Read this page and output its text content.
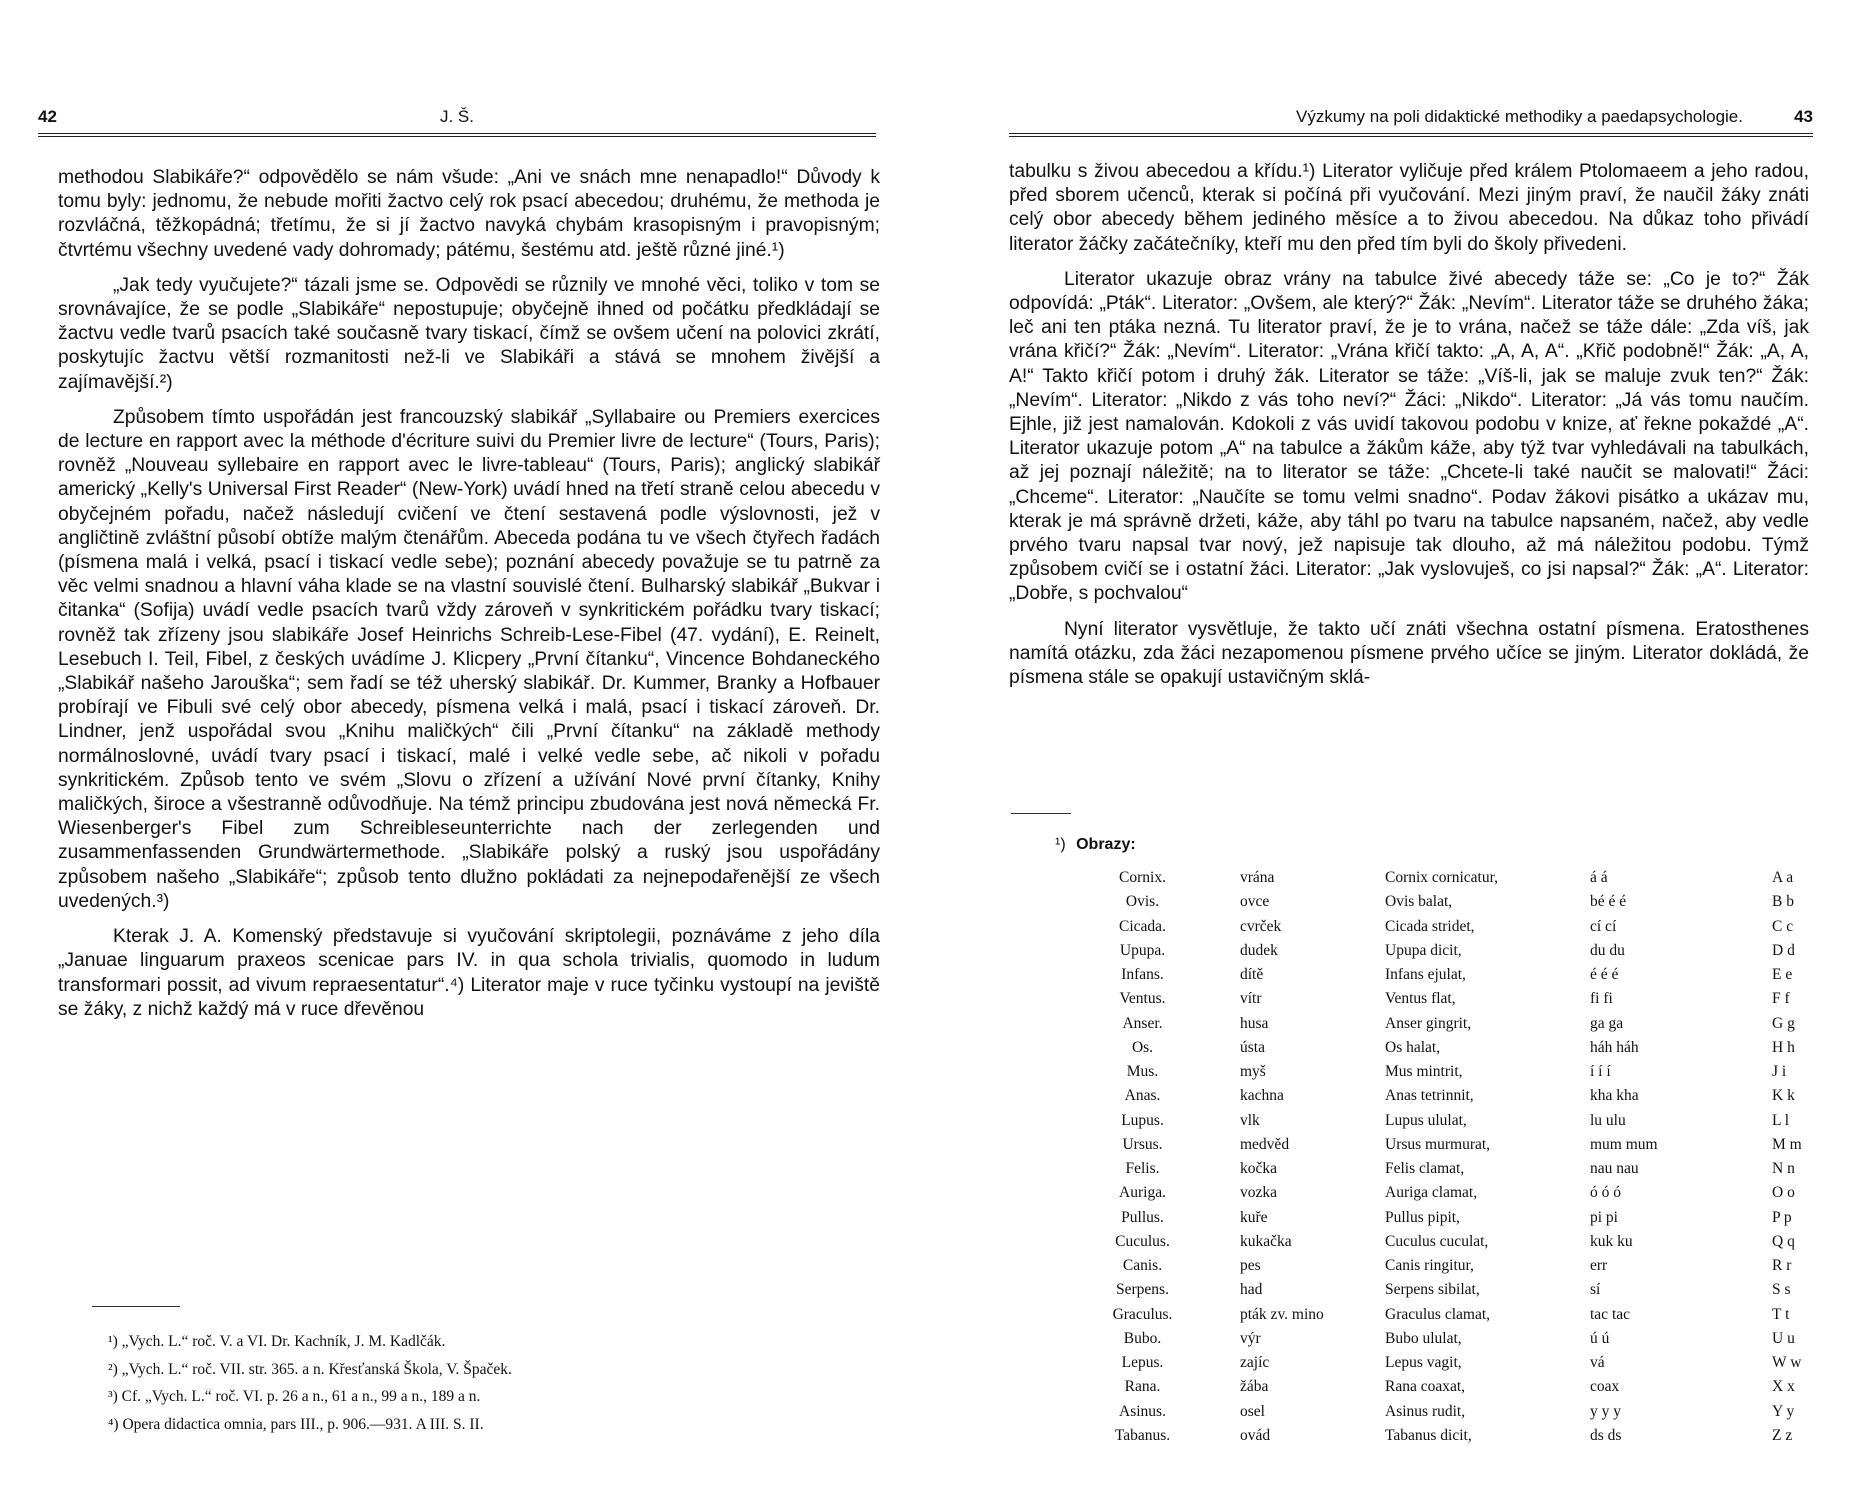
42	J. Š.

methodou Slabikáře?“ odpovědělo se nám všude: „Ani ve snách mne nenapadlo!“ Důvody k tomu byly: jednomu, že nebude mořiti žactvo celý rok psací abecedou; druhému, že methoda je rozvláčná, těžkopádná; třetímu, že si jí žactvo navyká chybám krasopisným i pravopisným; čtvrtému všechny uvedené vady dohromady; pátému, šestému atd. ještě různé jiné.¹)

„Jak tedy vyučujete?“ tázali jsme se. Odpovědi se různily ve mnohé věci, toliko v tom se srovnávajíce, že se podle „Slabikáře“ nepostupuje; obyčejně ihned od počátku předkládají se žactvu vedle tvarů psacích také současně tvary tiskací, čímž se ovšem učení na polovici zkrátí, poskytujíc žactvu větší rozmanitosti než-li ve Slabikáři a stává se mnohem živější a zajímavější.²)

Způsobem tímto uspořádán jest francouzský slabikář „Syllabaire ou Premiers exercices de lecture en rapport avec la méthode d'écriture suivi du Premier livre de lecture“ (Tours, Paris); rovněž „Nouveau syllebaire en rapport avec le livre-tableau“ (Tours, Paris); anglický slabikář americký „Kelly's Universal First Reader“ (New-York) uvádí hned na třetí straně celou abecedu v obyčejném pořadu, načež následují cvičení ve čtení sestavená podle výslovnosti, jež v angličtině zvláštní působí obtíže malým čtenářům. Abeceda podána tu ve všech čtyřech řadách (písmena malá i velká, psací i tiskací vedle sebe); poznání abecedy považuje se tu patrně za věc velmi snadnou a hlavní váha klade se na vlastní souvislé čtení. Bulharský slabikář „Bukvar i čitanka“ (Sofija) uvádí vedle psacích tvarů vždy zároveň v synkritickém pořádku tvary tiskací; rovněž tak zřízeny jsou slabikáře Josef Heinrichs Schreib-Lese-Fibel (47. vydání), E. Reinelt, Lesebuch I. Teil, Fibel, z českých uvádíme J. Klicpery „První čítanku“, Vincence Bohdaneckého „Slabikář našeho Jarouška“; sem řadí se též uherský slabikář. Dr. Kummer, Branky a Hofbauer probírají ve Fibuli své celý obor abecedy, písmena velká i malá, psací i tiskací zároveň. Dr. Lindner, jenž uspořádal svou „Knihu maličkých“ čili „První čítanku“ na základě methody normálnoslovné, uvádí tvary psací i tiskací, malé i velké vedle sebe, ač nikoli v pořadu synkritickém. Způsob tento ve svém „Slovu o zřízení a užívání Nové první čítanky, Knihy maličkých, široce a všestranně odůvodňuje. Na témž principu zbudována jest nová německá Fr. Wiesenberger's Fibel zum Schreibleseunterrichte nach der zerlegenden und zusammenfassenden Grundwärtermethode. „Slabikáře polský a ruský jsou uspořádány způsobem našeho „Slabikáře“; způsob tento dlužno pokládati za nejnepodařenější ze všech uvedených.³)

Kterak J. A. Komenský představuje si vyučování skriptolegii, poznáváme z jeho díla „Januae linguarum praxeos scenicae pars IV. in qua schola trivialis, quomodo in ludum transformari possit, ad vivum repraesentatur“.⁴) Literator maje v ruce tyčinku vystoupí na jeviště se žáky, z nichž každý má v ruce dřevěnou

¹) „Vych. L.“ roč. V. a VI. Dr. Kachník, J. M. Kadlčák.
²) „Vych. L.“ roč. VII. str. 365. a n. Křesťanská Škola, V. Špaček.
³) Cf. „Vych. L.“ roč. VI. p. 26 a n., 61 a n., 99 a n., 189 a n.
⁴) Opera didactica omnia, pars III., p. 906.—931. A III. S. II.
Výzkumy na poli didaktické methodiky a paedapsychologie.	43

tabulku s živou abecedou a křídu.¹) Literator vyličuje před králem Ptolomaeem a jeho radou, před sborem učenců, kterak si počíná při vyučování. Mezi jiným praví, že naučil žáky znáti celý obor abecedy během jediného měsíce a to živou abecedou. Na důkaz toho přivádí literator žáčky začátečníky, kteří mu den před tím byli do školy přivedeni.

Literator ukazuje obraz vrány na tabulce živé abecedy táže se: „Co je to?“ Žák odpovídá: „Pták“. Literator: „Ovšem, ale který?“ Žák: „Nevím“. Literator táže se druhého žáka; leč ani ten ptáka nezná. Tu literator praví, že je to vrána, načež se táže dále: „Zda víš, jak vrána křičí?“ Žák: „Nevím“. Literator: „Vrána křičí takto: „A, A, A“. „Křič podobně!“ Žák: „A, A, A!“ Takto křičí potom i druhý žák. Literator se táže: „Víš-li, jak se maluje zvuk ten?“ Žák: „Nevím“. Literator: „Nikdo z vás toho neví?“ Žáci: „Nikdo“. Literator: „Já vás tomu naučím. Ejhle, již jest namalován. Kdokoli z vás uvidí takovou podobu v knize, ať řekne pokaždé „A“. Literator ukazuje potom „A“ na tabulce a žákům káže, aby týž tvar vyhledávali na tabulkách, až jej poznají náležitě; na to literator se táže: „Chcete-li také naučit se malovati!“ Žáci: „Chceme“. Literator: „Naučíte se tomu velmi snadno“. Podav žákovi pisátko a ukázav mu, kterak je má správně držeti, káže, aby táhl po tvaru na tabulce napsaném, načež, aby vedle prvého tvaru napsal tvar nový, jež napisuje tak dlouho, až má náležitou podobu. Týmž způsobem cvičí se i ostatní žáci. Literator: „Jak vyslovuješ, co jsi napsal?“ Žák: „A“. Literator: „Dobře, s pochvalou“

Nyní literator vysvětluje, že takto učí znáti všechna ostatní písmena. Eratosthenes namítá otázku, zda žáci nezapomenou písmene prvého učíce se jiným. Literator dokládá, že písmena stále se opakují ustavičným sklá-

¹) Obrazy:
Cornix.	vrána	Cornix cornicatur,	á á	A a
Ovis.	ovce	Ovis balat,	bé é é	B b
Cicada.	cvrček	Cicada stridet,	cí cí	C c
Upupa.	dudek	Upupa dicit,	du du	D d
Infans.	dítě	Infans ejulat,	é é é	E e
Ventus.	vítr	Ventus flat,	fi fi	F f
Anser.	husa	Anser gingrit,	ga ga	G g
Os.	ústa	Os halat,	háh háh	H h
Mus.	myš	Mus mintrit,	í í í	J i
Anas.	kachna	Anas tetrinnit,	kha kha	K k
Lupus.	vlk	Lupus ululat,	lu ulu	L l
Ursus.	medvěd	Ursus murmurat,	mum mum	M m
Felis.	kočka	Felis clamat,	nau nau	N n
Auriga.	vozka	Auriga clamat,	ó ó ó	O o
Pullus.	kuře	Pullus pipit,	pi pi	P p
Cuculus.	kukačka	Cuculus cuculat,	kuk ku	Q q
Canis.	pes	Canis ringitur,	err	R r
Serpens.	had	Serpens sibilat,	sí	S s
Graculus.	pták zv. mino	Graculus clamat,	tac tac	T t
Bubo.	výr	Bubo ululat,	ú ú	U u
Lepus.	zajíc	Lepus vagit,	vá	W w
Rana.	žába	Rana coaxat,	coax	X x
Asinus.	osel	Asinus rudit,	y y y	Y y
Tabanus.	ovád	Tabanus dicit,	ds ds	Z z
